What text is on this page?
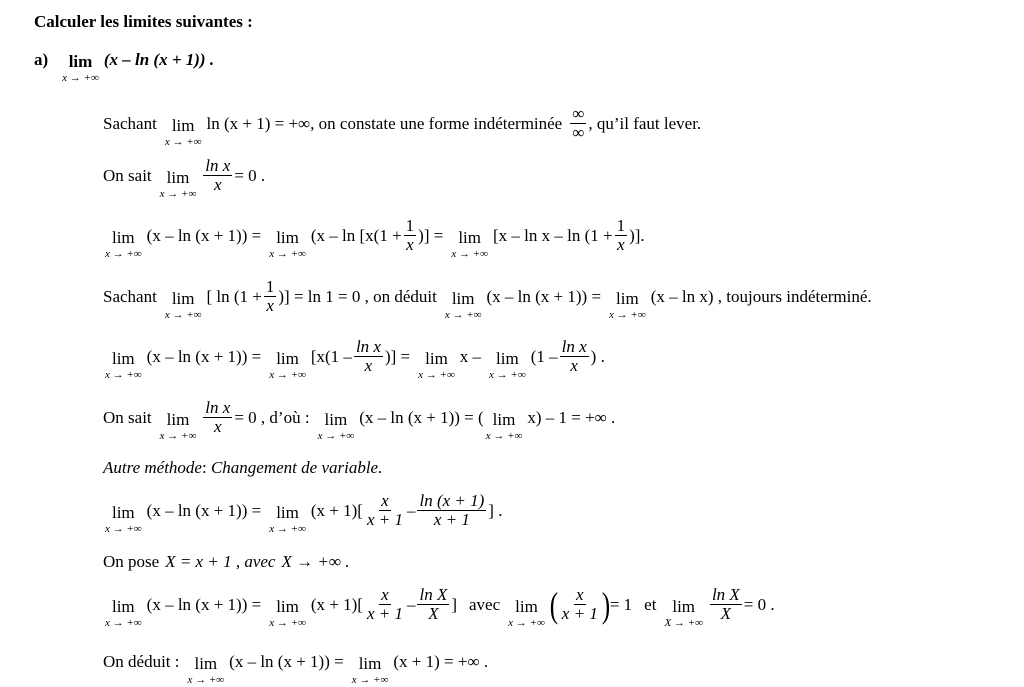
Calculer les limites suivantes :
a) lim
x → +∞
(x – ln (x + 1)) .
Sachant lim
x → +∞
ln (x + 1) = +∞, on constate une forme indéterminée $\frac{\infty}{\infty}$ , qu’il faut lever.
On sait lim
x → +∞ $\frac{\text{ln x}}{x} = 0$ .
lim
x → +∞
(x – ln (x + 1)) = lim
x → +∞
($x - \ln [x(1 + \frac{1}{x}$ )] = lim
x → +∞
[$x - \ln x - \ln (1 + \frac{1}{x}$ )].
Sachant lim
x → +∞
[ $\ln (1 + \frac{1}{x}$ )] = ln 1 = 0 , on déduit lim
x → +∞
(x – ln (x + 1)) = lim
x → +∞
(x – ln x) , toujours indéterminé.
lim
x → +∞
(x – ln (x + 1)) = lim
x → +∞
[$x(1 - \frac{\text{ln x}}{x}$ )] = lim
x → +∞
x – lim
x → +∞
($1 - \frac{\text{ln x}}{x}$ ) .
On sait lim
x → +∞ $\frac{\text{ln x}}{x} = 0$ , d’où : lim
x → +∞
(x – ln (x + 1)) = ( lim
x → +∞
x) – 1 = +∞ .
Autre méthode : Changement de variable.
lim
x → +∞
(x – ln (x + 1)) = lim
x → +∞
$(x + 1)[ \frac{x}{x + 1} - \frac{\ln (x + 1)}{x + 1}$ ] .
On pose X = x + 1 , avec X → +∞ .
lim
x → +∞
(x – ln (x + 1)) = lim
x → +∞
$(x + 1)[ \frac{x}{x + 1} - \frac{\text{ln X}}{X}$ ] avec lim
x → +∞ ( $\frac{x}{x + 1}$ ) = 1 et lim
X → +∞ $\frac{\text{ln X}}{X} = 0$ .
On déduit : lim
x → +∞
(x – ln (x + 1)) = lim
x → +∞
(x + 1) = +∞ .
